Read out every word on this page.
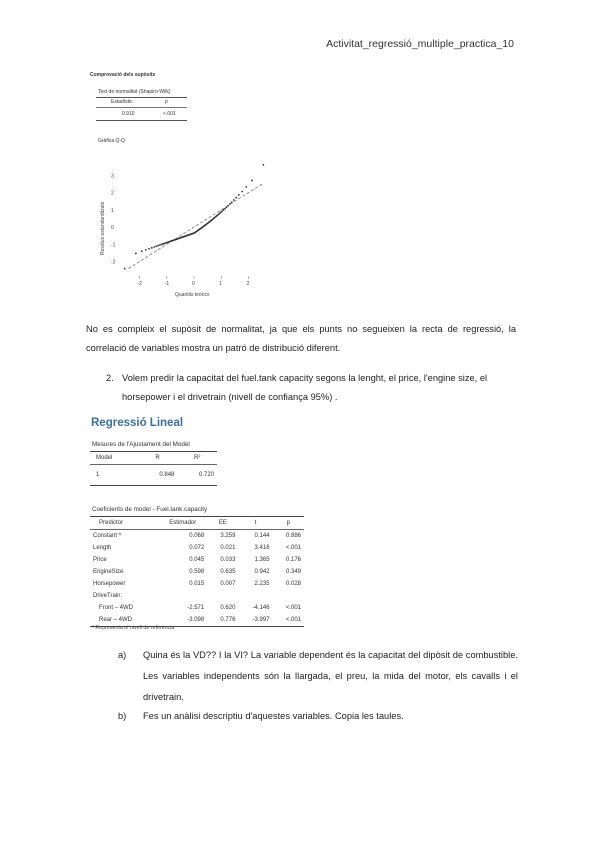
Activitat_regressió_multiple_practica_10
Comprovació dels supòsits
Test de normalitat (Shapiro-Wilk)
Estadístic	p
0.910	<.001
Gràfica Q-Q
-2	-1	0	1	2
-2
-1
0
1
2
3
Residus estandarditzats
Quantils teòrics
No es compleix el supòsit de normalitat, ja que els punts no segueixen la recta de regressió, la correlació de variables mostra un patró de distribució diferent.
2. Volem predir la capacitat del fuel.tank capacity segons la lenght, el price, l'engine size, el horsepower i el drivetrain (nivell de confiança 95%) .
Regressió Lineal
Mesures de l'Ajustament del Model
Model	R	R²
1	0.848	0.720

Coeficients de model - Fuel.tank.capacity
Predictor	Estimador	EE	t	p
Constant ª	0.068	3.259	0.144	0.886
Length	0.072	0.021	3.416	<.001
Price	0.045	0.033	1.365	0.176
EngineSize	0.598	0.635	0.942	0.349
Horsepower	0.015	0.007	2.235	0.028
DriveTrain:				
Front – 4WD	-2.571	0.620	-4.146	<.001
Rear – 4WD	-3.098	0.776	-3.997	<.001

ª Representa el nivell de referència
a) Quina és la VD?? I la VI? La variable dependent és la capacitat del dipòsit de combustible. Les variables independents són la llargada, el preu, la mida del motor, els cavalls i el drivetrain.
b) Fes un anàlisi descriptiu d'aquestes variables. Copia les taules.
